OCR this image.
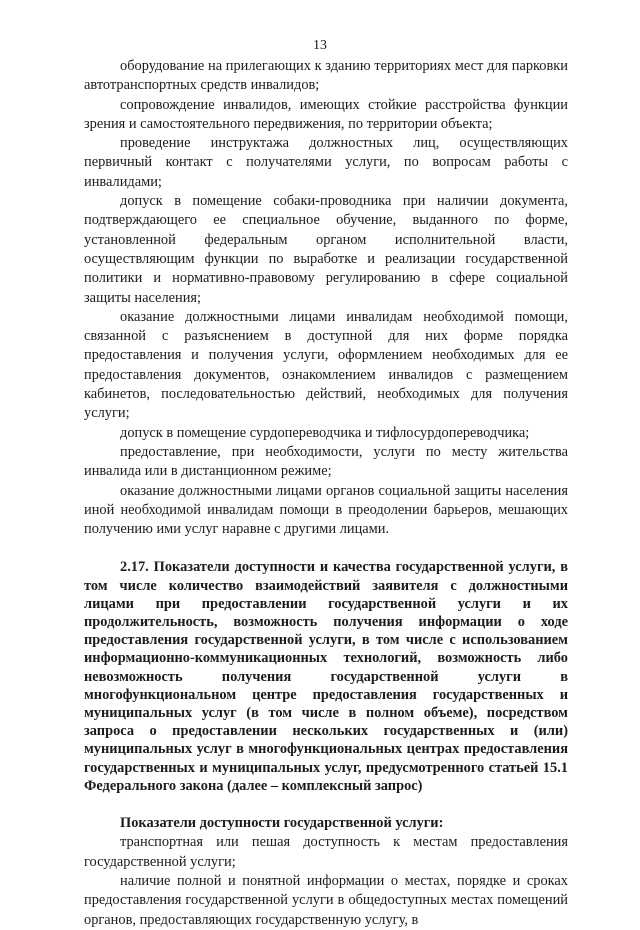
13

оборудование на прилегающих к зданию территориях мест для парковки автотранспортных средств инвалидов;

сопровождение инвалидов, имеющих стойкие расстройства функции зрения и самостоятельного передвижения, по территории объекта;

проведение инструктажа должностных лиц, осуществляющих первичный контакт с получателями услуги, по вопросам работы с инвалидами;

допуск в помещение собаки-проводника при наличии документа, подтверждающего ее специальное обучение, выданного по форме, установленной федеральным органом исполнительной власти, осуществляющим функции по выработке и реализации государственной политики и нормативно-правовому регулированию в сфере социальной защиты населения;

оказание должностными лицами инвалидам необходимой помощи, связанной с разъяснением в доступной для них форме порядка предоставления и получения услуги, оформлением необходимых для ее предоставления документов, ознакомлением инвалидов с размещением кабинетов, последовательностью действий, необходимых для получения услуги;

допуск в помещение сурдопереводчика и тифлосурдопереводчика;

предоставление, при необходимости, услуги по месту жительства инвалида или в дистанционном режиме;

оказание должностными лицами органов социальной защиты населения иной необходимой инвалидам помощи в преодолении барьеров, мешающих получению ими услуг наравне с другими лицами.

2.17. Показатели доступности и качества государственной услуги, в том числе количество взаимодействий заявителя с должностными лицами при предоставлении государственной услуги и их продолжительность, возможность получения информации о ходе предоставления государственной услуги, в том числе с использованием информационно-коммуникационных технологий, возможность либо невозможность получения государственной услуги в многофункциональном центре предоставления государственных и муниципальных услуг (в том числе в полном объеме), посредством запроса о предоставлении нескольких государственных и (или) муниципальных услуг в многофункциональных центрах предоставления государственных и муниципальных услуг, предусмотренного статьей 15.1 Федерального закона (далее – комплексный запрос)

Показатели доступности государственной услуги:

транспортная или пешая доступность к местам предоставления государственной услуги;

наличие полной и понятной информации о местах, порядке и сроках предоставления государственной услуги в общедоступных местах помещений органов, предоставляющих государственную услугу, в
